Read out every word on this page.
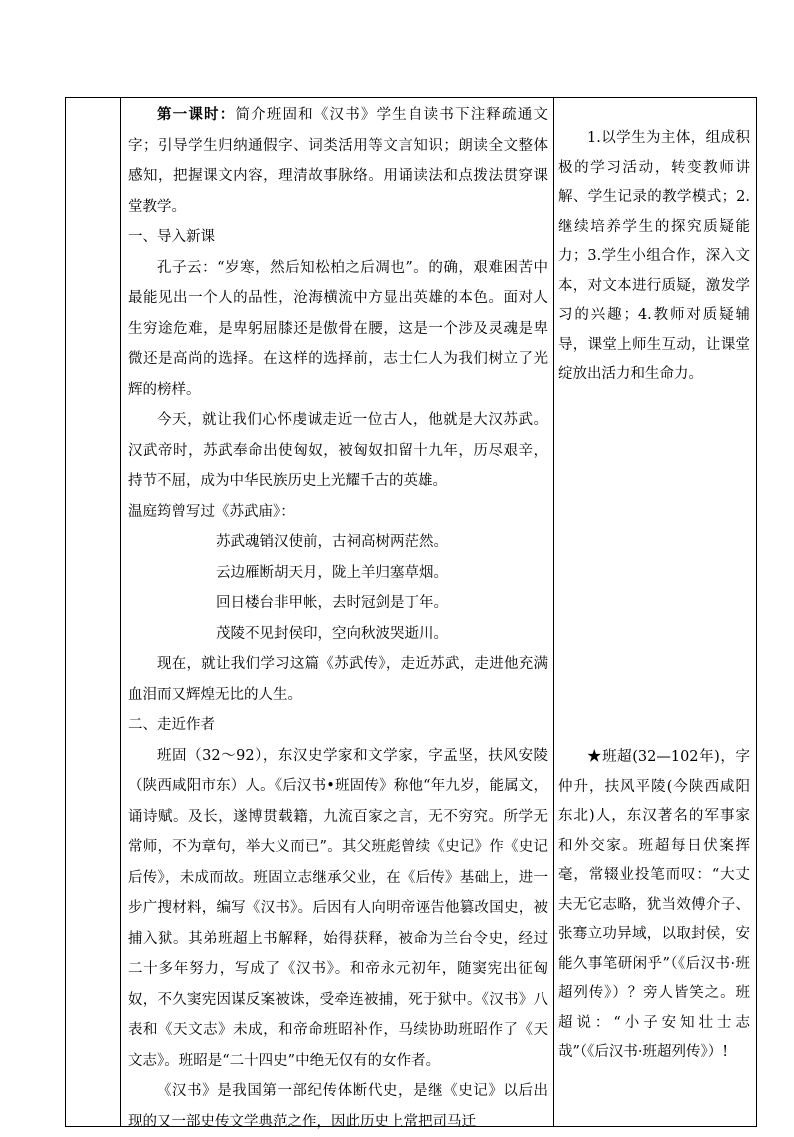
第一课时：简介班固和《汉书》学生自读书下注释疏通文字；引导学生归纳通假字、词类活用等文言知识；朗读全文整体感知，把握课文内容，理清故事脉络。用诵读法和点拨法贯穿课堂教学。

一、导入新课

孔子云：“岁寒，然后知松柏之后凋也”。的确，艰难困苦中最能见出一个人的品性，沧海横流中方显出英雄的本色。面对人生穷途危难，是卑躬屈膝还是傲骨在腰，这是一个涉及灵魂是卑微还是高尚的选择。在这样的选择前，志士仁人为我们树立了光辉的榜样。

今天，就让我们心怀虔诚走近一位古人，他就是大汉苏武。汉武帝时，苏武奉命出使匈奴，被匈奴扣留十九年，历尽艰辛，持节不屈，成为中华民族历史上光耀千古的英雄。

温庭筠曾写过《苏武庙》：

苏武魂销汉使前，古祠高树两茫然。

云边雁断胡天月，陇上羊归塞草烟。

回日楼台非甲帐，去时冠剑是丁年。

茂陵不见封侯印，空向秋波哭逝川。

现在，就让我们学习这篇《苏武传》，走近苏武，走进他充满血泪而又辉煌无比的人生。

二、走近作者

班固（32～92），东汉史学家和文学家，字孟坚，扶风安陵（陕西咸阳市东）人。《后汉书•班固传》称他“年九岁，能属文，诵诗赋。及长，遂博贯载籍，九流百家之言，无不穷究。所学无常师，不为章句，举大义而已”。其父班彪曾续《史记》作《史记后传》，未成而故。班固立志继承父业，在《后传》基础上，进一步广搜材料，编写《汉书》。后因有人向明帝诬告他篡改国史，被捕入狱。其弟班超上书解释，始得获释，被命为兰台令史，经过二十多年努力，写成了《汉书》。和帝永元初年，随窦宪出征匈奴，不久窦宪因谋反案被诛，受牵连被捕，死于狱中。《汉书》八表和《天文志》未成，和帝命班昭补作，马续协助班昭作了《天文志》。班昭是“二十四史”中绝无仅有的女作者。

《汉书》是我国第一部纪传体断代史，是继《史记》以后出现的又一部史传文学典范之作，因此历史上常把司马迁

1.以学生为主体，组成积极的学习活动，转变教师讲解、学生记录的教学模式；2.继续培养学生的探究质疑能力；3.学生小组合作，深入文本，对文本进行质疑，激发学习的兴趣；4.教师对质疑辅导，课堂上师生互动，让课堂绽放出活力和生命力。

★班超(32—102年)，字仲升，扶风平陵(今陕西咸阳东北)人，东汉著名的军事家和外交家。班超每日伏案挥毫，常辍业投笔而叹：“大丈夫无它志略，犹当效傅介子、张骞立功异域，以取封侯，安能久事笔研闲乎”（《后汉书·班超列传》）？旁人皆笑之。班超说：“小子安知壮士志哉”（《后汉书·班超列传》）!
